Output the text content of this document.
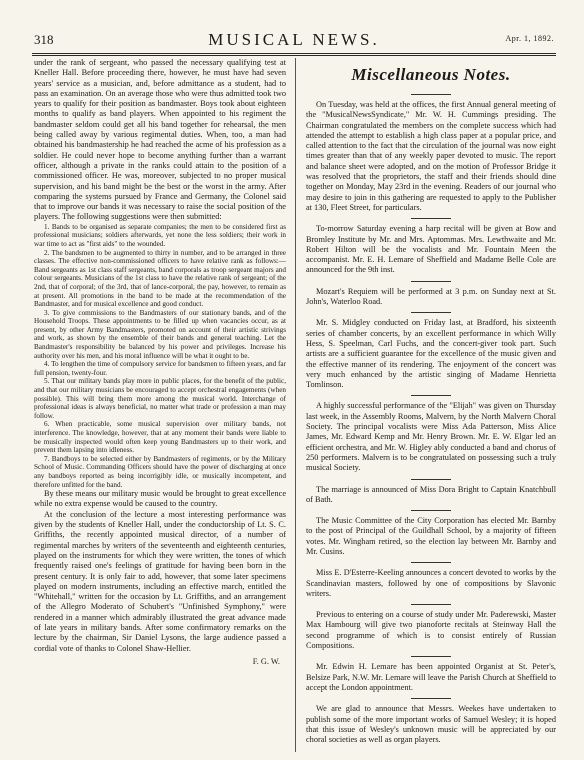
318	MUSICAL NEWS.	Apr. 1, 1892.

under the rank of sergeant, who passed the necessary qualifying test at Kneller Hall. Before proceeding there, however, he must have had seven years' service as a musician, and, before admittance as a student, had to pass an examination. On an average those who were thus admitted took two years to qualify for their position as bandmaster. Boys took about eighteen months to qualify as band players. When appointed to his regiment the bandmaster seldom could get all his band together for rehearsal, the men being called away by various regimental duties. When, too, a man had obtained his bandmastership he had reached the acme of his profession as a soldier. He could never hope to become anything further than a warrant officer, although a private in the ranks could attain to the position of a commissioned officer. He was, moreover, subjected to no proper musical supervision, and his band might be the best or the worst in the army. After comparing the systems pursued by France and Germany, the Colonel said that to improve our bands it was necessary to raise the social position of the players. The following suggestions were then submitted:

1. Bands to be organised as separate companies; the men to be considered first as professional musicians; soldiers afterwards, yet none the less soldiers; their work in war time to act as "first aids" to the wounded.

2. The bandsmen to be augmented to thirty in number, and to be arranged in three classes. The effective non-commissioned officers to have relative rank as follows:—Band sergeants as 1st class staff sergeants, band corporals as troop sergeant majors and colour sergeants. Musicians of the 1st class to have the relative rank of sergeant; of the 2nd, that of corporal; of the 3rd, that of lance-corporal, the pay, however, to remain as at present. All promotions in the band to be made at the recommendation of the Bandmaster, and for musical excellence and good conduct.

3. To give commissions to the Bandmasters of our stationary bands, and of the Household Troops. These appointments to be filled up when vacancies occur, as at present, by other Army Bandmasters, promoted on account of their artistic strivings and work, as shown by the ensemble of their bands and general teaching. Let the Bandmaster's responsibility be balanced by his power and privileges. Increase his authority over his men, and his moral influence will be what it ought to be.

4. To lengthen the time of compulsory service for bandsmen to fifteen years, and far full pension, twenty-four.

5. That our military bands play more in public places, for the benefit of the public, and that our military musicians be encouraged to accept orchestral engagements (when possible). This will bring them more among the musical world. Interchange of professional ideas is always beneficial, no matter what trade or profession a man may follow.

6. When practicable, some musical supervision over military bands, not interference. The knowledge, however, that at any moment their bands were liable to be musically inspected would often keep young Bandmasters up to their work, and prevent them lapsing into idleness.

7. Bandboys to be selected either by Bandmasters of regiments, or by the Military School of Music. Commanding Officers should have the power of discharging at once any bandboys reported as being incorrigibly idle, or musically incompetent, and therefore unfitted for the band.

By these means our military music would be brought to great excellence while no extra expense would be caused to the country.

At the conclusion of the lecture a most interesting performance was given by the students of Kneller Hall, under the conductorship of Lt. S. C. Griffiths, the recently appointed musical director, of a number of regimental marches by writers of the seventeenth and eighteenth centuries, played on the instruments for which they were written, the tones of which frequently raised one's feelings of gratitude for having been born in the present century. It is only fair to add, however, that some later specimens played on modern instruments, including an effective march, entitled the "Whitehall," written for the occasion by Lt. Griffiths, and an arrangement of the Allegro Moderato of Schubert's "Unfinished Symphony," were rendered in a manner which admirably illustrated the great advance made of late years in military bands. After some confirmatory remarks on the lecture by the chairman, Sir Daniel Lysons, the large audience passed a cordial vote of thanks to Colonel Shaw-Hellier.

F. G. W.
Miscellaneous Notes.

On Tuesday, was held at the offices, the first Annual general meeting of the "MusicalNewsSyndicate," Mr. W. H. Cummings presiding. The Chairman congratulated the members on the complete success which had attended the attempt to establish a high class paper at a popular price, and called attention to the fact that the circulation of the journal was now eight times greater than that of any weekly paper devoted to music. The report and balance sheet were adopted, and on the motion of Professor Bridge it was resolved that the proprietors, the staff and their friends should dine together on Monday, May 23rd in the evening. Readers of our journal who may desire to join in this gathering are requested to apply to the Publisher at 130, Fleet Street, for particulars.

To-morrow Saturday evening a harp recital will be given at Bow and Bromley Institute by Mr. and Mrs. Aptommas. Mrs. Lewthwaite and Mr. Robert Hilton will be the vocalists and Mr. Fountain Meen the accompanist. Mr. E. H. Lemare of Sheffield and Madame Belle Cole are announced for the 9th inst.

Mozart's Requiem will be performed at 3 p.m. on Sunday next at St. John's, Waterloo Road.

Mr. S. Midgley conducted on Friday last, at Bradford, his sixteenth series of chamber concerts, by an excellent performance in which Willy Hess, S. Speelman, Carl Fuchs, and the concert-giver took part. Such artists are a sufficient guarantee for the excellence of the music given and the effective manner of its rendering. The enjoyment of the concert was very much enhanced by the artistic singing of Madame Henrietta Tomlinson.

A highly successful performance of the "Elijah" was given on Thursday last week, in the Assembly Rooms, Malvern, by the North Malvern Choral Society. The principal vocalists were Miss Ada Patterson, Miss Alice James, Mr. Edward Kemp and Mr. Henry Brown. Mr. E. W. Elgar led an efficient orchestra, and Mr. W. Higley ably conducted a band and chorus of 250 performers. Malvern is to be congratulated on possessing such a truly musical Society.

The marriage is announced of Miss Dora Bright to Captain Knatchbull of Bath.

The Music Committee of the City Corporation has elected Mr. Barnby to the post of Principal of the Guildhall School, by a majority of fifteen votes. Mr. Wingham retired, so the election lay between Mr. Barnby and Mr. Cusins.

Miss E. D'Esterre-Keeling announces a concert devoted to works by the Scandinavian masters, followed by one of compositions by Slavonic writers.

Previous to entering on a course of study under Mr. Paderewski, Master Max Hambourg will give two pianoforte recitals at Steinway Hall the second programme of which is to consist entirely of Russian Compositions.

Mr. Edwin H. Lemare has been appointed Organist at St. Peter's, Belsize Park, N.W. Mr. Lemare will leave the Parish Church at Sheffield to accept the London appointment.

We are glad to announce that Messrs. Weekes have undertaken to publish some of the more important works of Samuel Wesley; it is hoped that this issue of Wesley's unknown music will be appreciated by our choral societies as well as organ players.
